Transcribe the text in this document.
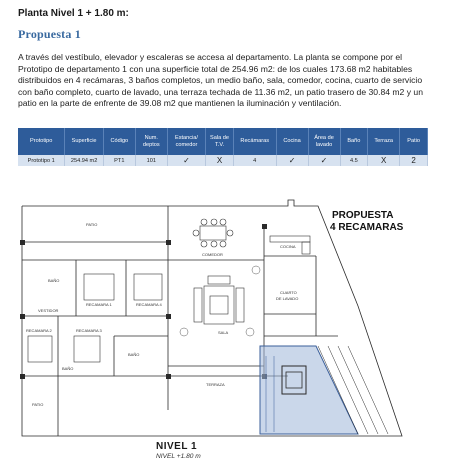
Planta Nivel 1 + 1.80 m:
Propuesta 1
A través del vestíbulo, elevador y escaleras se accesa al departamento. La planta se compone por el Prototipo de departamento 1 con una superficie total de 254.96 m2: de los cuales 173.68 m2 habitables distribuidos en 4 recámaras, 3 baños completos, un medio baño, sala, comedor, cocina, cuarto de servicio con baño completo, cuarto de lavado, una terraza techada de 11.36 m2, un patio trasero de 30.84 m2 y un patio en la parte de enfrente de 39.08 m2 que mantienen la iluminación y ventilación.
Prototipo	Superficie	Código	Num. deptos	Estancia/ comedor	Sala de T.V.	Recámaras	Cocina	Área de lavado	Baño	Terraza	Patio
Prototipo 1	254.94 m2	PT1	101	✓	X	4	✓	✓	4.5	X	2
PATIO
COMEDOR
COCINA
BAÑO
RECAMARA 1	RECAMARA 4
VESTIDOR
CUARTO
DE LAVADO
SALA
RECAMARA 2	RECAMARA 3
BAÑO
BAÑO
TERRAZA
PATIO
PROPUESTA
4 RECAMARAS
NIVEL 1
NIVEL +1.80 m
